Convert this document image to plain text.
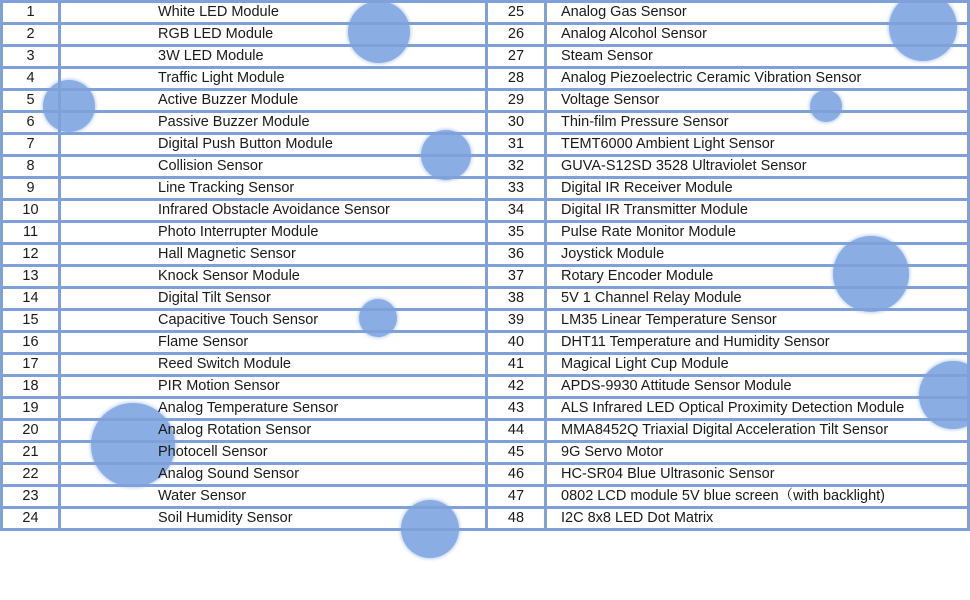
1	White LED Module
2	RGB LED Module
3	3W LED Module
4	Traffic Light Module
5	Active Buzzer Module
6	Passive Buzzer Module
7	Digital Push Button Module
8	Collision Sensor
9	Line Tracking Sensor
10	Infrared Obstacle Avoidance Sensor
11	Photo Interrupter Module
12	Hall Magnetic Sensor
13	Knock Sensor Module
14	Digital Tilt Sensor
15	Capacitive Touch Sensor
16	Flame Sensor
17	Reed Switch Module
18	PIR Motion Sensor
19	Analog Temperature Sensor
20	Analog Rotation Sensor
21	Photocell Sensor
22	Analog Sound Sensor
23	Water Sensor
24	Soil Humidity Sensor
25	Analog Gas Sensor
26	Analog Alcohol Sensor
27	Steam Sensor
28	Analog Piezoelectric Ceramic Vibration Sensor
29	Voltage Sensor
30	Thin-film Pressure Sensor
31	TEMT6000 Ambient Light Sensor
32	GUVA-S12SD 3528 Ultraviolet Sensor
33	Digital IR Receiver Module
34	Digital IR Transmitter Module
35	Pulse Rate Monitor Module
36	Joystick Module
37	Rotary Encoder Module
38	5V 1 Channel Relay Module
39	LM35 Linear Temperature Sensor
40	DHT11 Temperature and Humidity Sensor
41	Magical Light Cup Module
42	APDS-9930 Attitude Sensor Module
43	ALS Infrared LED Optical Proximity Detection Module
44	MMA8452Q Triaxial Digital Acceleration Tilt Sensor
45	9G Servo Motor
46	HC-SR04 Blue Ultrasonic Sensor
47	0802 LCD module 5V blue screen（with backlight)
48	I2C 8x8 LED Dot Matrix
